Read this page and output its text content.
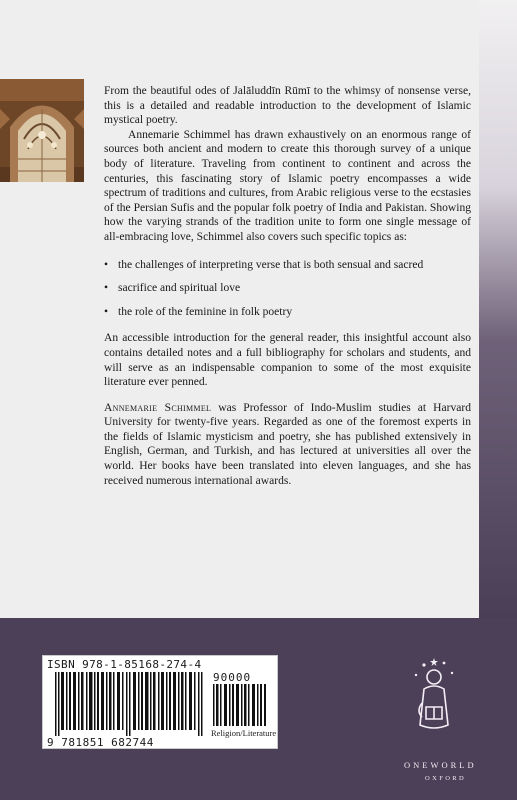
From the beautiful odes of Jalāluddīn Rūmī to the whimsy of nonsense verse, this is a detailed and readable introduction to the development of Islamic mystical poetry.

Annemarie Schimmel has drawn exhaustively on an enormous range of sources both ancient and modern to create this thorough survey of a unique body of literature. Traveling from continent to continent and across the centuries, this fascinating story of Islamic poetry encompasses a wide spectrum of traditions and cultures, from Arabic religious verse to the ecstasies of the Persian Sufis and the popular folk poetry of India and Pakistan. Showing how the varying strands of the tradition unite to form one single message of all-embracing love, Schimmel also covers such specific topics as:

• the challenges of interpreting verse that is both sensual and sacred
• sacrifice and spiritual love
• the role of the feminine in folk poetry

An accessible introduction for the general reader, this insightful account also contains detailed notes and a full bibliography for scholars and students, and will serve as an indispensable companion to some of the most exquisite literature ever penned.

Annemarie Schimmel was Professor of Indo-Muslim studies at Harvard University for twenty-five years. Regarded as one of the foremost experts in the fields of Islamic mysticism and poetry, she has published extensively in English, German, and Turkish, and has lectured at universities all over the world. Her books have been translated into eleven languages, and she has received numerous international awards.

ISBN 978-1-85168-274-4
90000
Religion/Literature
9 781851 682744
ONEWORLD
OXFORD
